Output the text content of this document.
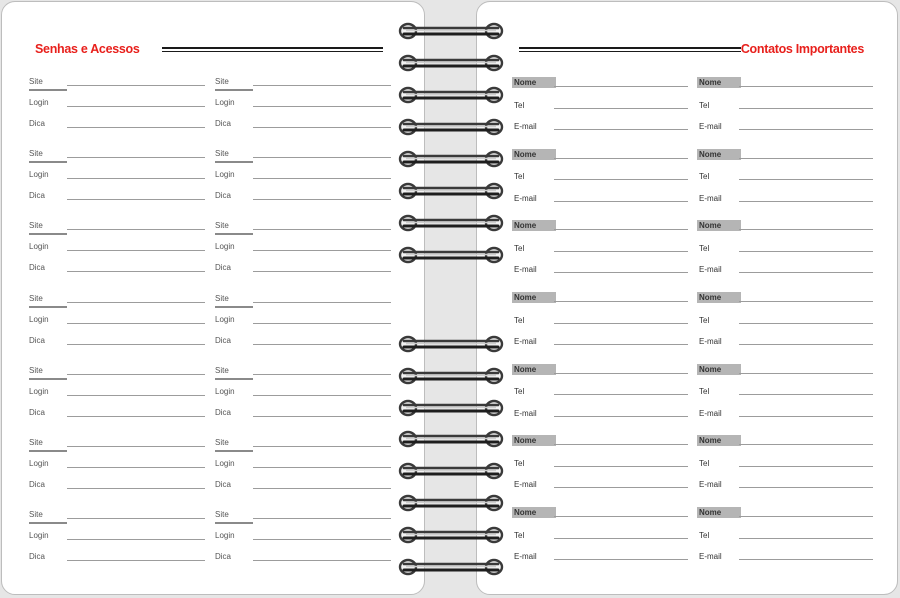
Senhas e Acessos
Site
Login
Dica
Site
Login
Dica
Site
Login
Dica
Site
Login
Dica
Site
Login
Dica
Site
Login
Dica
Site
Login
Dica
Site
Login
Dica
Site
Login
Dica
Site
Login
Dica
Site
Login
Dica
Site
Login
Dica
Site
Login
Dica
Site
Login
Dica
Contatos Importantes
Nome
Tel
E-mail
Nome
Tel
E-mail
Nome
Tel
E-mail
Nome
Tel
E-mail
Nome
Tel
E-mail
Nome
Tel
E-mail
Nome
Tel
E-mail
Nome
Tel
E-mail
Nome
Tel
E-mail
Nome
Tel
E-mail
Nome
Tel
E-mail
Nome
Tel
E-mail
Nome
Tel
E-mail
Nome
Tel
E-mail
